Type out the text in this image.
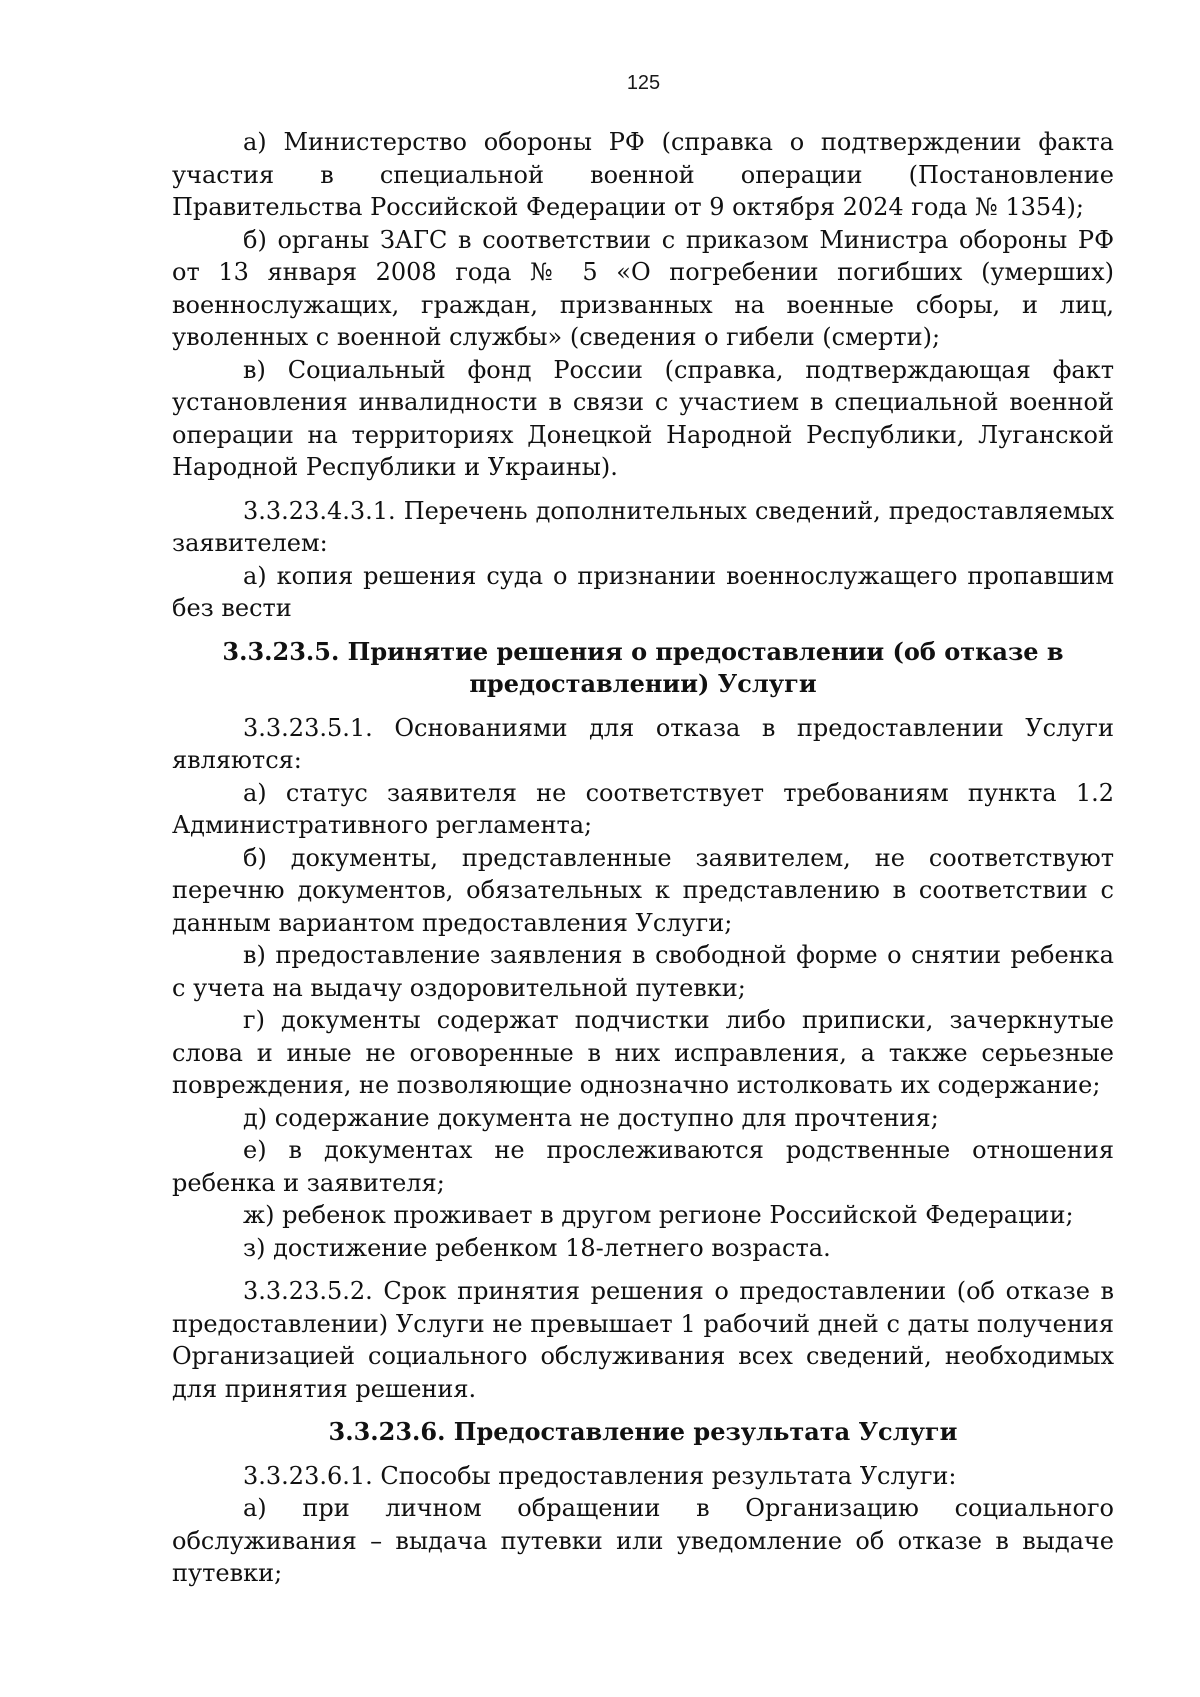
125

а) Министерство обороны РФ (справка о подтверждении факта участия в специальной военной операции (Постановление Правительства Российской Федерации от 9 октября 2024 года № 1354);

б) органы ЗАГС в соответствии с приказом Министра обороны РФ от 13 января 2008 года № 5 «О погребении погибших (умерших) военнослужащих, граждан, призванных на военные сборы, и лиц, уволенных с военной службы» (сведения о гибели (смерти);

в) Социальный фонд России (справка, подтверждающая факт установления инвалидности в связи с участием в специальной военной операции на территориях Донецкой Народной Республики, Луганской Народной Республики и Украины).

3.3.23.4.3.1. Перечень дополнительных сведений, предоставляемых заявителем:

а) копия решения суда о признании военнослужащего пропавшим без вести

3.3.23.5. Принятие решения о предоставлении (об отказе в предоставлении) Услуги

3.3.23.5.1. Основаниями для отказа в предоставлении Услуги являются:

а) статус заявителя не соответствует требованиям пункта 1.2 Административного регламента;

б) документы, представленные заявителем, не соответствуют перечню документов, обязательных к представлению в соответствии с данным вариантом предоставления Услуги;

в) предоставление заявления в свободной форме о снятии ребенка с учета на выдачу оздоровительной путевки;

г) документы содержат подчистки либо приписки, зачеркнутые слова и иные не оговоренные в них исправления, а также серьезные повреждения, не позволяющие однозначно истолковать их содержание;

д) содержание документа не доступно для прочтения;

е) в документах не прослеживаются родственные отношения ребенка и заявителя;

ж) ребенок проживает в другом регионе Российской Федерации;

з) достижение ребенком 18-летнего возраста.

3.3.23.5.2. Срок принятия решения о предоставлении (об отказе в предоставлении) Услуги не превышает 1 рабочий дней с даты получения Организацией социального обслуживания всех сведений, необходимых для принятия решения.

3.3.23.6. Предоставление результата Услуги

3.3.23.6.1. Способы предоставления результата Услуги:

а) при личном обращении в Организацию социального обслуживания – выдача путевки или уведомление об отказе в выдаче путевки;
